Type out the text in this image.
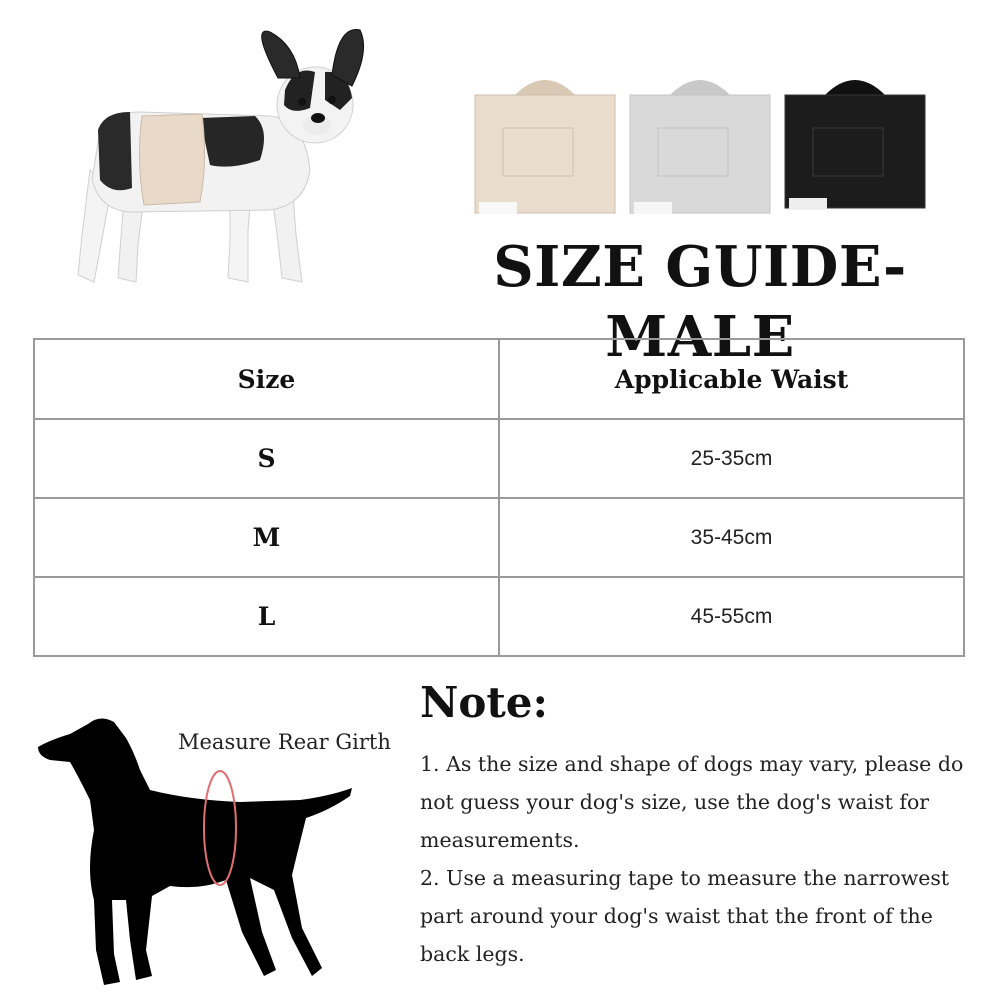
SIZE GUIDE-MALE
Size	Applicable Waist
S	25-35cm
M	35-45cm
L	45-55cm
Measure Rear Girth
Note:

1. As the size and shape of dogs may vary, please do not guess your dog's size, use the dog's waist for measurements.

2. Use a measuring tape to measure the narrowest part around your dog's waist that the front of the back legs.
